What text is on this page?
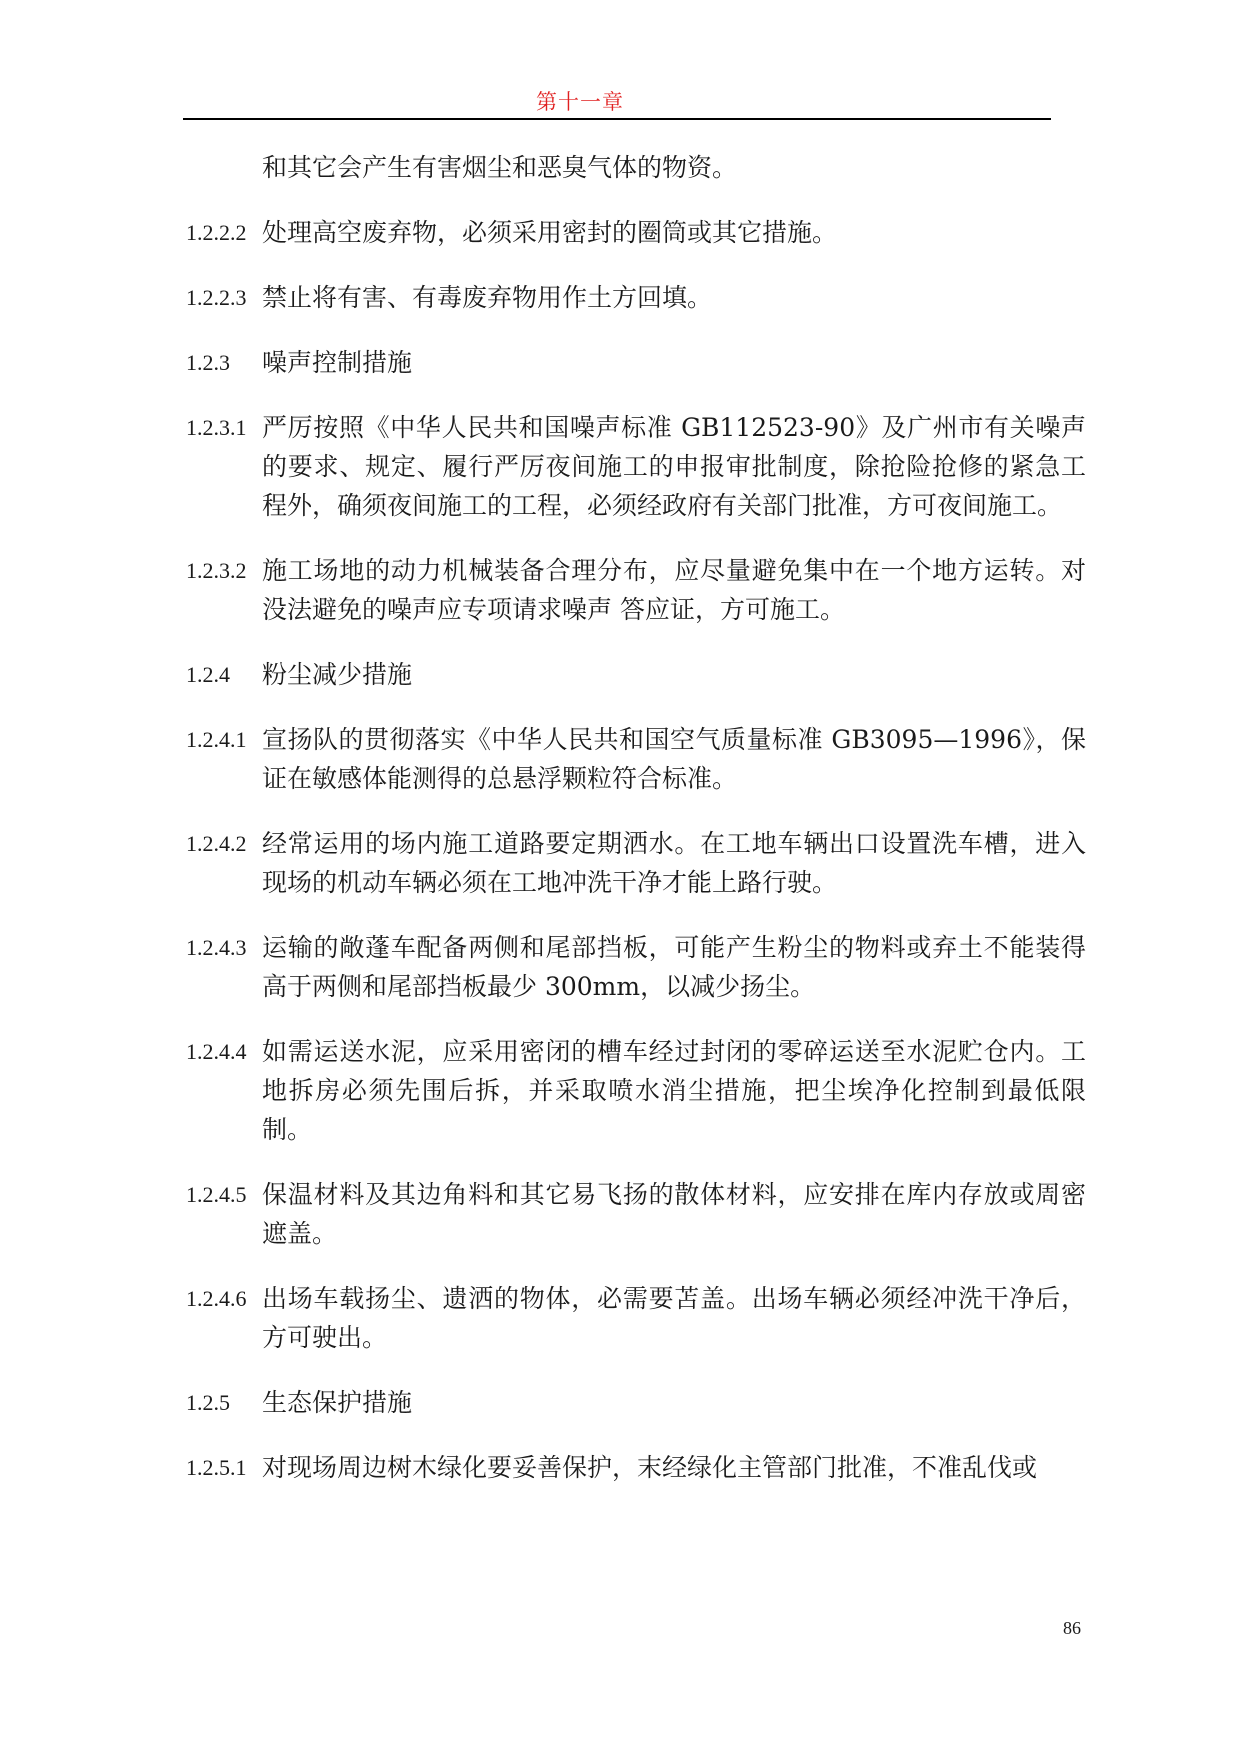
第十一章
和其它会产生有害烟尘和恶臭气体的物资。
1.2.2.2 处理高空废弃物，必须采用密封的圈筒或其它措施。
1.2.2.3 禁止将有害、有毒废弃物用作土方回填。
1.2.3	噪声控制措施
1.2.3.1 严厉按照《中华人民共和国噪声标准 GB112523-90》及广州市有关噪声的要求、规定、履行严厉夜间施工的申报审批制度，除抢险抢修的紧急工程外，确须夜间施工的工程，必须经政府有关部门批准，方可夜间施工。
1.2.3.2 施工场地的动力机械装备合理分布，应尽量避免集中在一个地方运转。对没法避免的噪声应专项请求噪声 答应证，方可施工。
1.2.4	粉尘减少措施
1.2.4.1 宣扬队的贯彻落实《中华人民共和国空气质量标准 GB3095—1996》，保证在敏感体能测得的总悬浮颗粒符合标准。
1.2.4.2 经常运用的场内施工道路要定期洒水。在工地车辆出口设置洗车槽，进入现场的机动车辆必须在工地冲洗干净才能上路行驶。
1.2.4.3 运输的敞蓬车配备两侧和尾部挡板，可能产生粉尘的物料或弃土不能装得高于两侧和尾部挡板最少 300mm，以减少扬尘。
1.2.4.4 如需运送水泥，应采用密闭的槽车经过封闭的零碎运送至水泥贮仓内。工地拆房必须先围后拆，并采取喷水消尘措施，把尘埃净化控制到最低限制。
1.2.4.5 保温材料及其边角料和其它易飞扬的散体材料，应安排在库内存放或周密遮盖。
1.2.4.6 出场车载扬尘、遗洒的物体，必需要苫盖。出场车辆必须经冲洗干净后，方可驶出。
1.2.5	生态保护措施
1.2.5.1 对现场周边树木绿化要妥善保护，末经绿化主管部门批准，不准乱伐或
86
